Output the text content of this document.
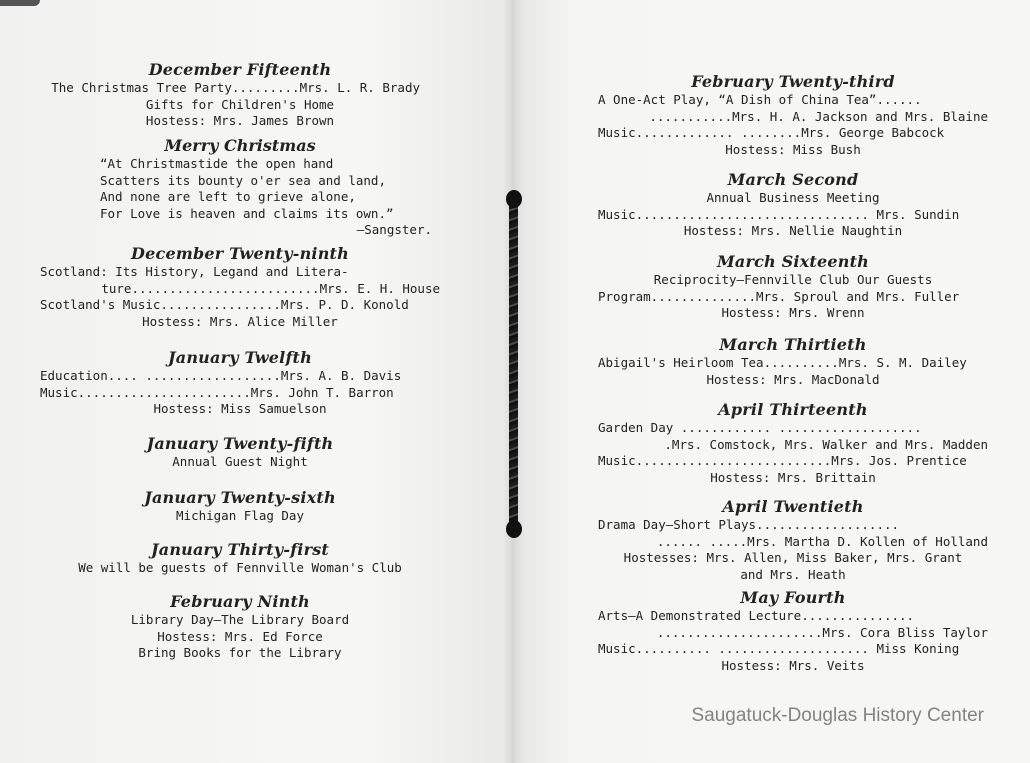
December Fifteenth
The Christmas Tree Party.........Mrs. L. R. Brady
Gifts for Children's Home
Hostess: Mrs. James Brown
Merry Christmas
“At Christmastide the open hand
Scatters its bounty o'er sea and land,
And none are left to grieve alone,
For Love is heaven and claims its own.”
—Sangster.
December Twenty-ninth
Scotland: Its History, Legand and Litera-
ture.........................Mrs. E. H. House
Scotland's Music................Mrs. P. D. Konold
Hostess: Mrs. Alice Miller
January Twelfth
Education.... ..................Mrs. A. B. Davis
Music.......................Mrs. John T. Barron
Hostess: Miss Samuelson
January Twenty-fifth
Annual Guest Night
January Twenty-sixth
Michigan Flag Day
January Thirty-first
We will be guests of Fennville Woman's Club
February Ninth
Library Day—The Library Board
Hostess: Mrs. Ed Force
Bring Books for the Library
February Twenty-third
A One-Act Play, “A Dish of China Tea”......
...........Mrs. H. A. Jackson and Mrs. Blaine
Music............. ........Mrs. George Babcock
Hostess: Miss Bush
March Second
Annual Business Meeting
Music............................... Mrs. Sundin
Hostess: Mrs. Nellie Naughtin
March Sixteenth
Reciprocity—Fennville Club Our Guests
Program..............Mrs. Sproul and Mrs. Fuller
Hostess: Mrs. Wrenn
March Thirtieth
Abigail's Heirloom Tea..........Mrs. S. M. Dailey
Hostess: Mrs. MacDonald
April Thirteenth
Garden Day ............ ...................
.Mrs. Comstock, Mrs. Walker and Mrs. Madden
Music..........................Mrs. Jos. Prentice
Hostess: Mrs. Brittain
April Twentieth
Drama Day—Short Plays...................
...... .....Mrs. Martha D. Kollen of Holland
Hostesses: Mrs. Allen, Miss Baker, Mrs. Grant
and Mrs. Heath
May Fourth
Arts—A Demonstrated Lecture...............
......................Mrs. Cora Bliss Taylor
Music.......... .................... Miss Koning
Hostess: Mrs. Veits
Saugatuck-Douglas History Center
